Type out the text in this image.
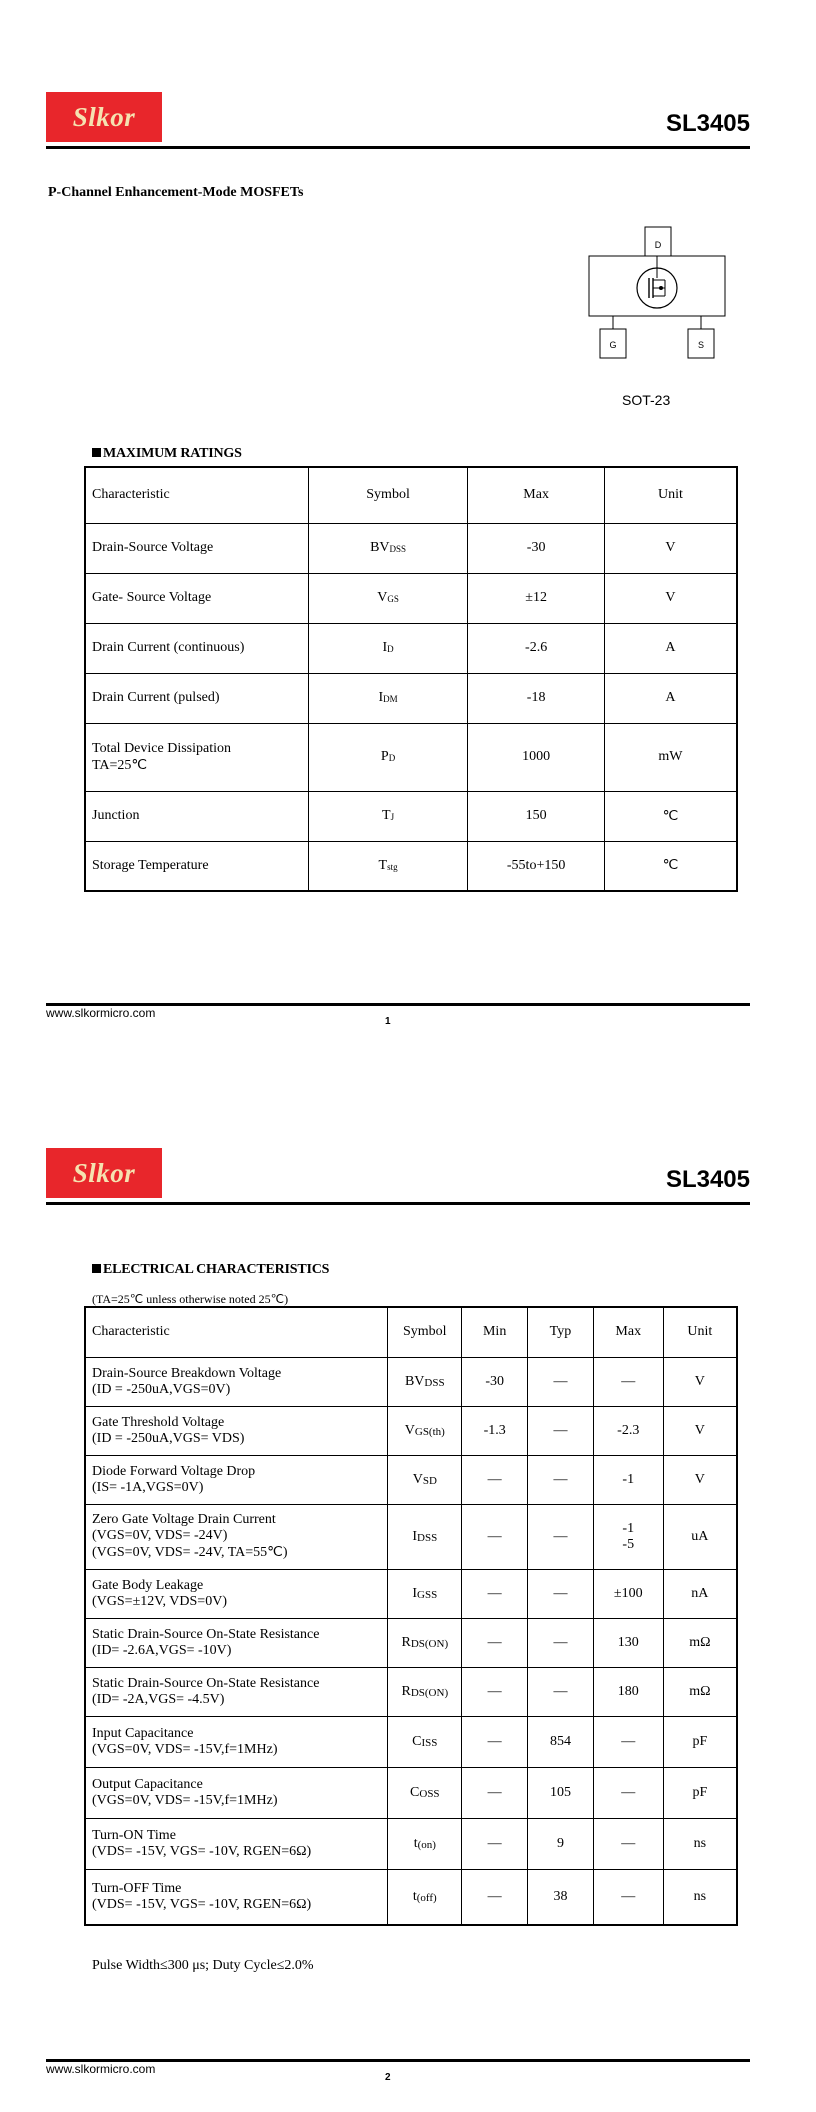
Slkor	SL3405
P-Channel Enhancement-Mode MOSFETs
D
G	S
SOT-23
MAXIMUM RATINGS
Characteristic	Symbol	Max	Unit

Drain-Source Voltage	BVDSS	-30	V

Gate- Source Voltage	VGS	±12	V

Drain Current (continuous)	ID	-2.6	A

Drain Current (pulsed)	IDM	-18	A

Total Device Dissipation
TA=25℃	PD	1000	mW

Junction	TJ	150	℃

Storage Temperature	Tstg	-55to+150	℃
www.slkormicro.com
1
Slkor	SL3405
ELECTRICAL CHARACTERISTICS
(TA=25℃ unless otherwise noted 25℃)
Characteristic	Symbol	Min	Typ	Max	Unit

Drain-Source Breakdown Voltage
(ID = -250uA,VGS=0V)	BVDSS	-30	—	—	V

Gate Threshold Voltage
(ID = -250uA,VGS= VDS)	VGS(th)	-1.3	—	-2.3	V

Diode Forward Voltage Drop
(IS= -1A,VGS=0V)	VSD	—	—	-1	V

Zero Gate Voltage Drain Current
(VGS=0V, VDS= -24V)
(VGS=0V, VDS= -24V, TA=55℃)	IDSS	—	—	-1
-5	uA

Gate Body Leakage
(VGS=±12V, VDS=0V)	IGSS	—	—	±100	nA

Static Drain-Source On-State Resistance
(ID= -2.6A,VGS= -10V)	RDS(ON)	—	—	130	mΩ

Static Drain-Source On-State Resistance
(ID= -2A,VGS= -4.5V)	RDS(ON)	—	—	180	mΩ

Input Capacitance
(VGS=0V, VDS= -15V,f=1MHz)	CISS	—	854	—	pF

Output Capacitance
(VGS=0V, VDS= -15V,f=1MHz)	COSS	—	105	—	pF

Turn-ON Time
(VDS= -15V, VGS= -10V, RGEN=6Ω)	t(on)	—	9	—	ns

Turn-OFF Time
(VDS= -15V, VGS= -10V, RGEN=6Ω)	t(off)	—	38	—	ns
Pulse Width≤300 μs; Duty Cycle≤2.0%
www.slkormicro.com
2
